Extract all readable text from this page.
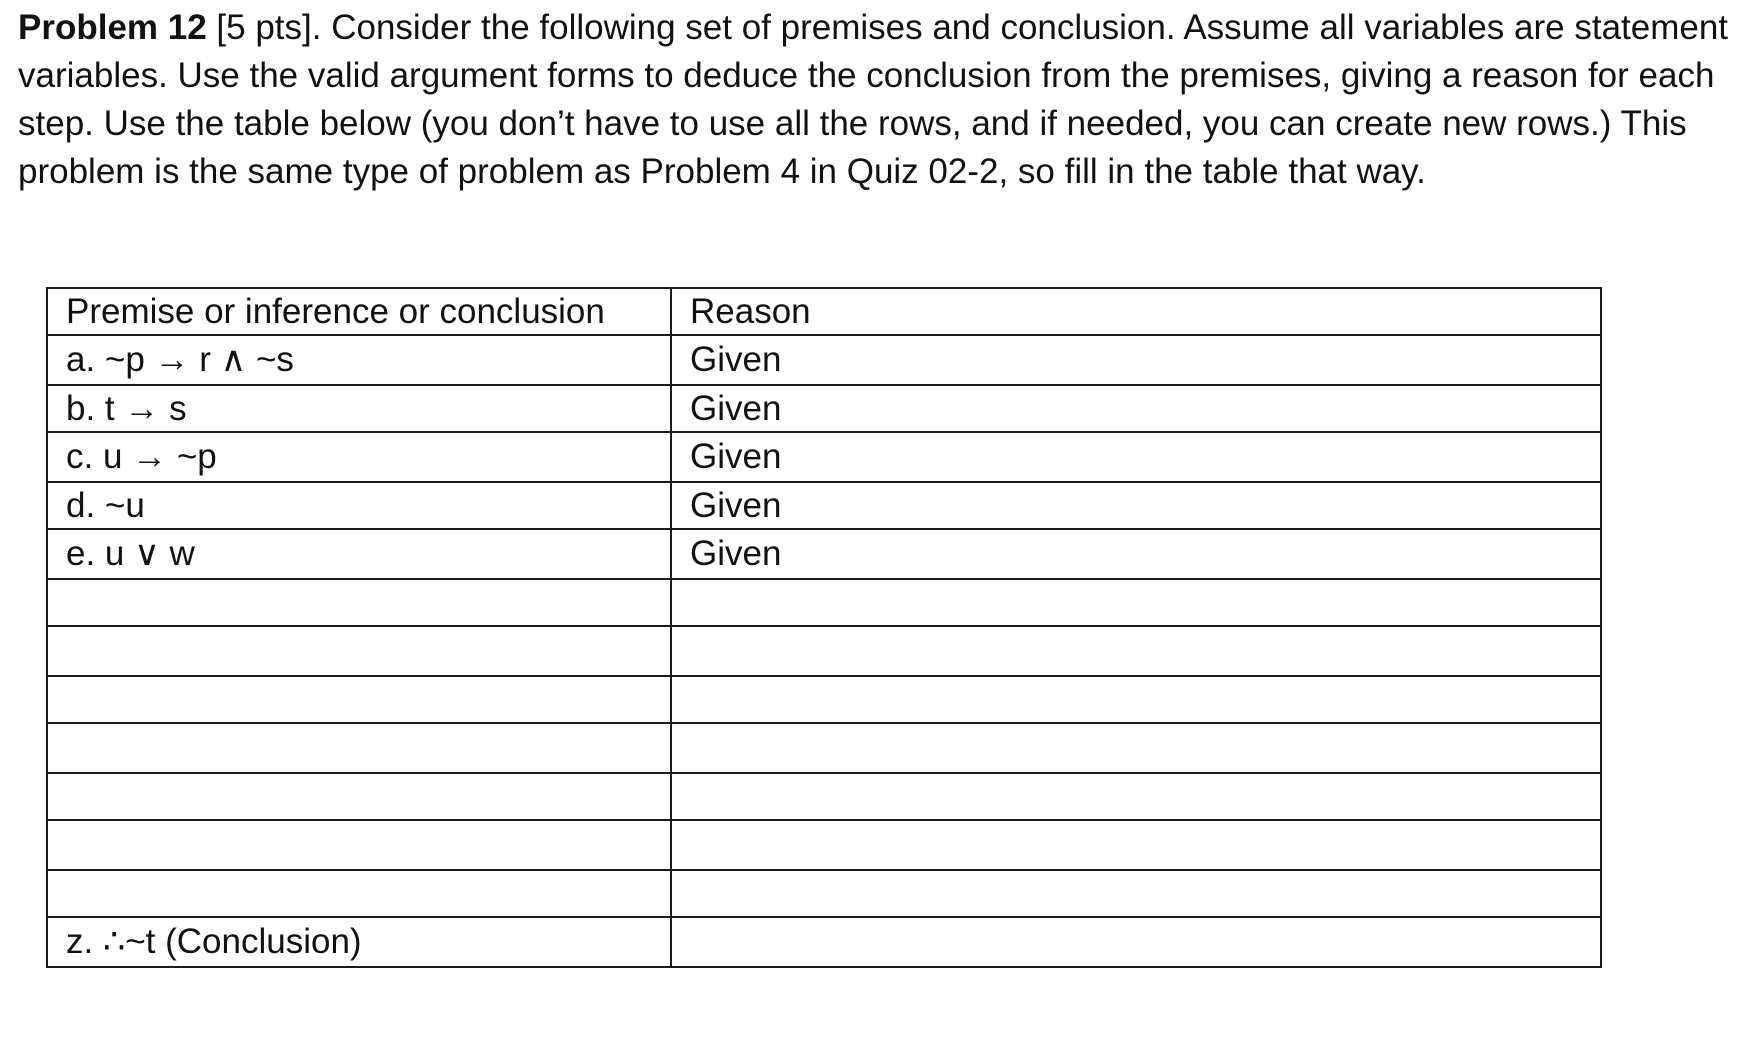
Problem 12 [5 pts]. Consider the following set of premises and conclusion. Assume all variables are statement variables. Use the valid argument forms to deduce the conclusion from the premises, giving a reason for each step. Use the table below (you don’t have to use all the rows, and if needed, you can create new rows.) This problem is the same type of problem as Problem 4 in Quiz 02-2, so fill in the table that way.

Premise or inference or conclusion	Reason
a. ~p → r ∧ ~s	Given
b. t → s	Given
c. u → ~p	Given
d. ~u	Given
e. u ∨ w	Given

z. ∴~t (Conclusion)	
